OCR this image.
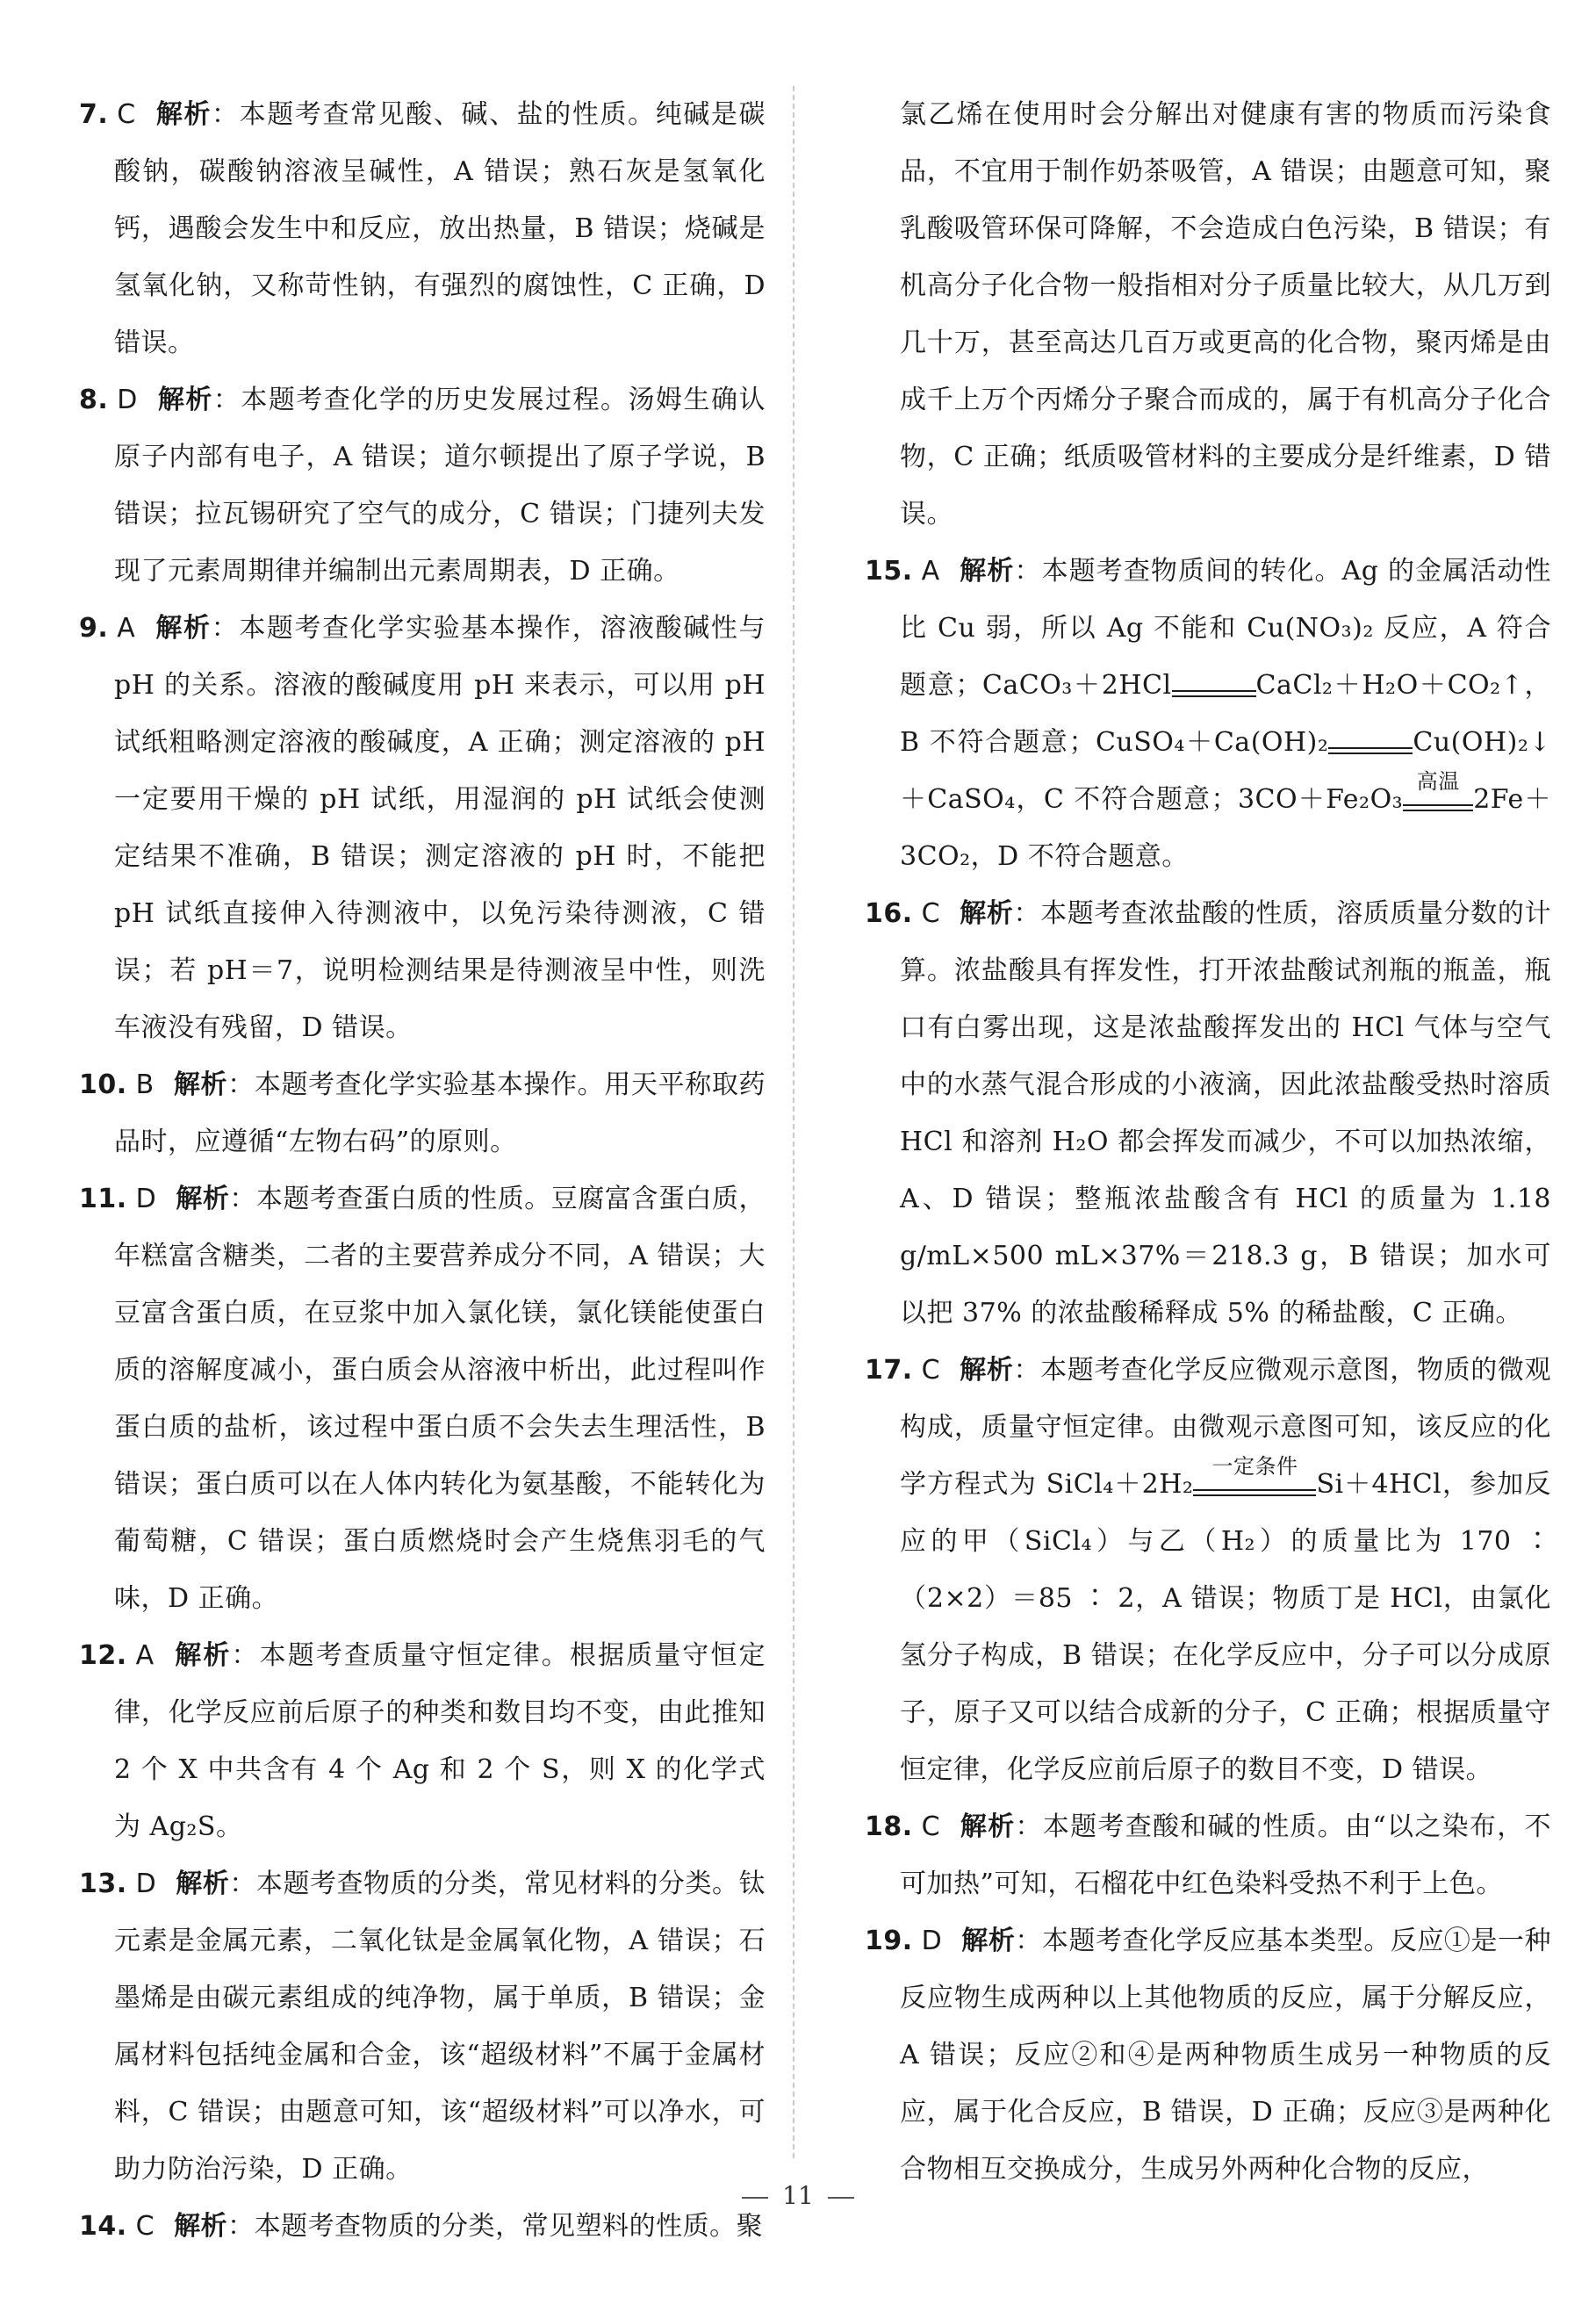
7. C 解析：本题考查常见酸、碱、盐的性质。纯碱是碳酸钠，碳酸钠溶液呈碱性，A 错误；熟石灰是氢氧化钙，遇酸会发生中和反应，放出热量，B 错误；烧碱是氢氧化钠，又称苛性钠，有强烈的腐蚀性，C 正确，D 错误。

8. D 解析：本题考查化学的历史发展过程。汤姆生确认原子内部有电子，A 错误；道尔顿提出了原子学说，B 错误；拉瓦锡研究了空气的成分，C 错误；门捷列夫发现了元素周期律并编制出元素周期表，D 正确。

9. A 解析：本题考查化学实验基本操作，溶液酸碱性与 pH 的关系。溶液的酸碱度用 pH 来表示，可以用 pH 试纸粗略测定溶液的酸碱度，A 正确；测定溶液的 pH 一定要用干燥的 pH 试纸，用湿润的 pH 试纸会使测定结果不准确，B 错误；测定溶液的 pH 时，不能把 pH 试纸直接伸入待测液中，以免污染待测液，C 错误；若 pH＝7，说明检测结果是待测液呈中性，则洗车液没有残留，D 错误。

10. B 解析：本题考查化学实验基本操作。用天平称取药品时，应遵循“左物右码”的原则。

11. D 解析：本题考查蛋白质的性质。豆腐富含蛋白质，年糕富含糖类，二者的主要营养成分不同，A 错误；大豆富含蛋白质，在豆浆中加入氯化镁，氯化镁能使蛋白质的溶解度减小，蛋白质会从溶液中析出，此过程叫作蛋白质的盐析，该过程中蛋白质不会失去生理活性，B 错误；蛋白质可以在人体内转化为氨基酸，不能转化为葡萄糖，C 错误；蛋白质燃烧时会产生烧焦羽毛的气味，D 正确。

12. A 解析：本题考查质量守恒定律。根据质量守恒定律，化学反应前后原子的种类和数目均不变，由此推知 2 个 X 中共含有 4 个 Ag 和 2 个 S，则 X 的化学式为 Ag₂S。

13. D 解析：本题考查物质的分类，常见材料的分类。钛元素是金属元素，二氧化钛是金属氧化物，A 错误；石墨烯是由碳元素组成的纯净物，属于单质，B 错误；金属材料包括纯金属和合金，该“超级材料”不属于金属材料，C 错误；由题意可知，该“超级材料”可以净水，可助力防治污染，D 正确。

14. C 解析：本题考查物质的分类，常见塑料的性质。聚

氯乙烯在使用时会分解出对健康有害的物质而污染食品，不宜用于制作奶茶吸管，A 错误；由题意可知，聚乳酸吸管环保可降解，不会造成白色污染，B 错误；有机高分子化合物一般指相对分子质量比较大，从几万到几十万，甚至高达几百万或更高的化合物，聚丙烯是由成千上万个丙烯分子聚合而成的，属于有机高分子化合物，C 正确；纸质吸管材料的主要成分是纤维素，D 错误。

15. A 解析：本题考查物质间的转化。Ag 的金属活动性比 Cu 弱，所以 Ag 不能和 Cu(NO₃)₂ 反应，A 符合题意；CaCO₃＋2HCl	CaCl₂＋H₂O＋CO₂↑，B 不符合题意；CuSO₄＋Ca(OH)₂	Cu(OH)₂↓＋CaSO₄，C 不符合题意；3CO＋Fe₂O₃
高温
2Fe＋3CO₂，D 不符合题意。

16. C 解析：本题考查浓盐酸的性质，溶质质量分数的计算。浓盐酸具有挥发性，打开浓盐酸试剂瓶的瓶盖，瓶口有白雾出现，这是浓盐酸挥发出的 HCl 气体与空气中的水蒸气混合形成的小液滴，因此浓盐酸受热时溶质 HCl 和溶剂 H₂O 都会挥发而减少，不可以加热浓缩，A、D 错误；整瓶浓盐酸含有 HCl 的质量为 1.18 g/mL×500 mL×37%＝218.3 g，B 错误；加水可以把 37% 的浓盐酸稀释成 5% 的稀盐酸，C 正确。

17. C 解析：本题考查化学反应微观示意图，物质的微观构成，质量守恒定律。由微观示意图可知，该反应的化学方程式为 SiCl₄＋2H₂
一定条件
Si＋4HCl，参加反应的甲（SiCl₄）与乙（H₂）的质量比为 170 ∶（2×2）＝85 ∶ 2，A 错误；物质丁是 HCl，由氯化氢分子构成，B 错误；在化学反应中，分子可以分成原子，原子又可以结合成新的分子，C 正确；根据质量守恒定律，化学反应前后原子的数目不变，D 错误。

18. C 解析：本题考查酸和碱的性质。由“以之染布，不可加热”可知，石榴花中红色染料受热不利于上色。

19. D 解析：本题考查化学反应基本类型。反应①是一种反应物生成两种以上其他物质的反应，属于分解反应，A 错误；反应②和④是两种物质生成另一种物质的反应，属于化合反应，B 错误，D 正确；反应③是两种化合物相互交换成分，生成另外两种化合物的反应，

11
